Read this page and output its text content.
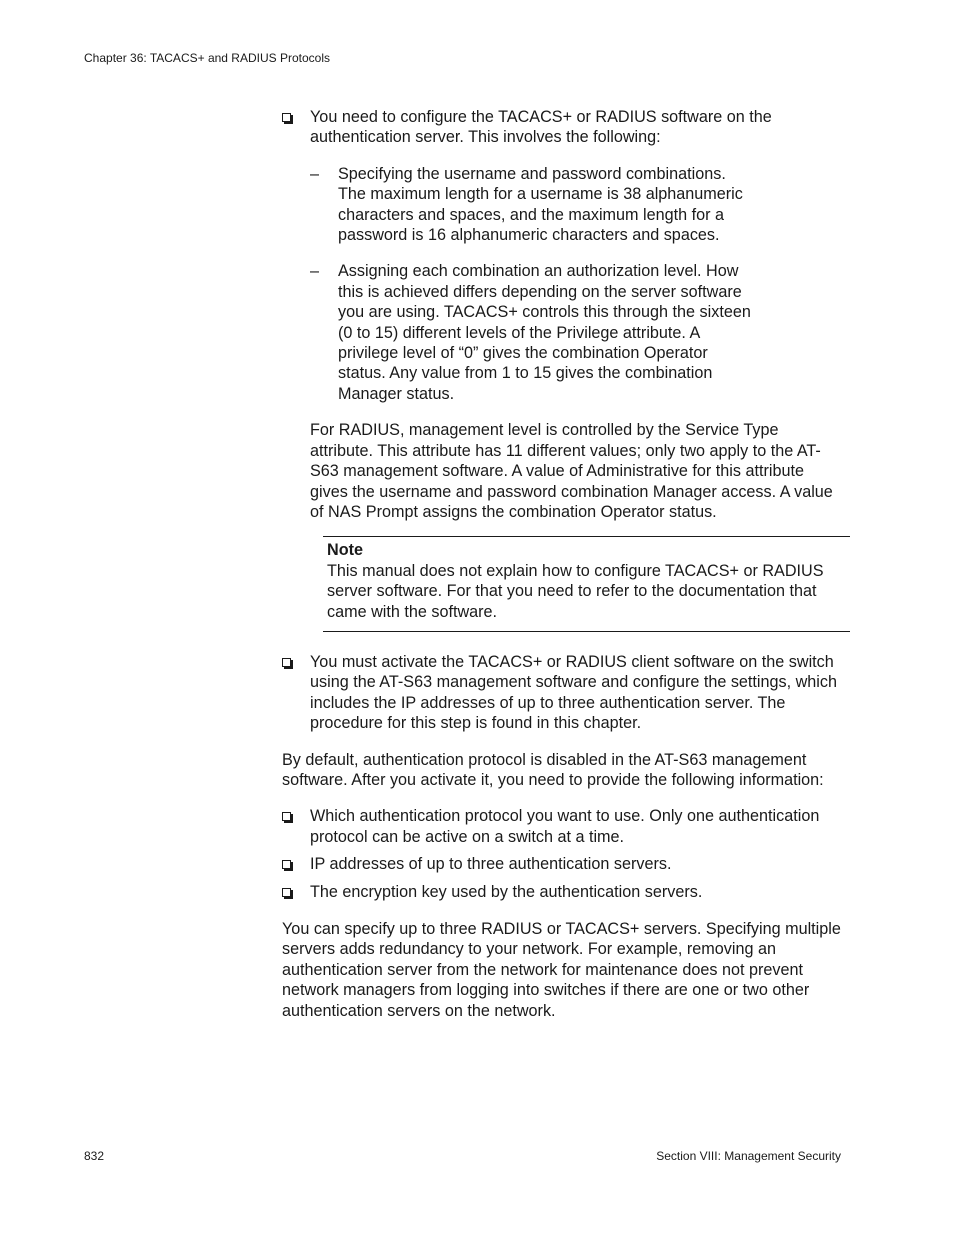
Chapter 36: TACACS+ and RADIUS Protocols

You need to configure the TACACS+ or RADIUS software on the authentication server. This involves the following:

– Specifying the username and password combinations. The maximum length for a username is 38 alphanumeric characters and spaces, and the maximum length for a password is 16 alphanumeric characters and spaces.

– Assigning each combination an authorization level. How this is achieved differs depending on the server software you are using. TACACS+ controls this through the sixteen (0 to 15) different levels of the Privilege attribute. A privilege level of “0” gives the combination Operator status. Any value from 1 to 15 gives the combination Manager status.

For RADIUS, management level is controlled by the Service Type attribute. This attribute has 11 different values; only two apply to the AT-S63 management software. A value of Administrative for this attribute gives the username and password combination Manager access. A value of NAS Prompt assigns the combination Operator status.

Note

This manual does not explain how to configure TACACS+ or RADIUS server software. For that you need to refer to the documentation that came with the software.

You must activate the TACACS+ or RADIUS client software on the switch using the AT-S63 management software and configure the settings, which includes the IP addresses of up to three authentication server. The procedure for this step is found in this chapter.

By default, authentication protocol is disabled in the AT-S63 management software. After you activate it, you need to provide the following information:

Which authentication protocol you want to use. Only one authentication protocol can be active on a switch at a time.

IP addresses of up to three authentication servers.

The encryption key used by the authentication servers.

You can specify up to three RADIUS or TACACS+ servers. Specifying multiple servers adds redundancy to your network. For example, removing an authentication server from the network for maintenance does not prevent network managers from logging into switches if there are one or two other authentication servers on the network.

832	Section VIII: Management Security
